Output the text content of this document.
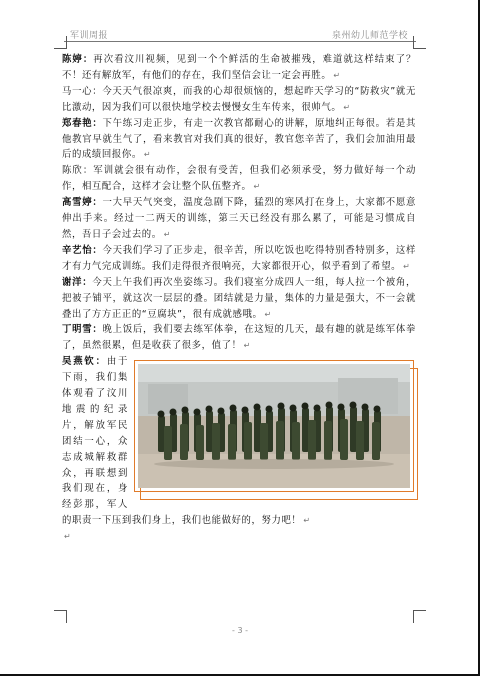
军训周报	泉州幼儿师范学校

陈婷：再次看汶川视频，见到一个个鲜活的生命被摧残，难道就这样结束了？不！还有解放军，有他们的存在，我们坚信会让一定会再胜。 ↵

马一心：今天天气很凉爽，而我的心却很烦恼的，想起昨天学习的“防救灾”就无比激动，因为我们可以很快地学校去慢慢女生车传来，很帅气。 ↵

郑春艳：下午练习走正步，有走一次教官都耐心的讲解，原地纠正每很。若是其他教官早就生气了，看来教官对我们真的很好，教官您辛苦了，我们会加油用最后的成绩回报你。 ↵

陈欣：军训就会很有动作，会很有受苦，但我们必须承受，努力做好每一个动作，相互配合，这样才会让整个队伍整齐。 ↵

高雪婷：一大早天气突变，温度急剧下降，猛烈的寒风打在身上，大家都不愿意伸出手来。经过一二两天的训练，第三天已经没有那么累了，可能是习惯成自然，吾日子会过去的。 ↵

辛艺怡：今天我们学习了正步走，很辛苦，所以吃饭也吃得特别香特别多，这样才有力气完成训练。我们走得很齐很响亮，大家都很开心，似乎看到了希望。 ↵

谢洋：今天上午我们再次坐姿练习。我们寝室分成四人一组，每人拉一个被角，把被子铺平，就这次一层层的叠。团结就是力量，集体的力量是强大，不一会就叠出了方方正正的“豆腐块”，很有成就感哦。 ↵

丁明雪：晚上饭后，我们要去练军体拳，在这短的几天，最有趣的就是练军体拳了，虽然很累，但是收获了很多，值了！ ↵

吴燕钦：由于下雨，我们集体观看了汶川地震的纪录片，解放军民团结一心，众志成城解救群众，再联想到我们现在，身经彭那，军人的职责一下压到我们身上，我们也能做好的，努力吧！ ↵

↵

- 3 -
